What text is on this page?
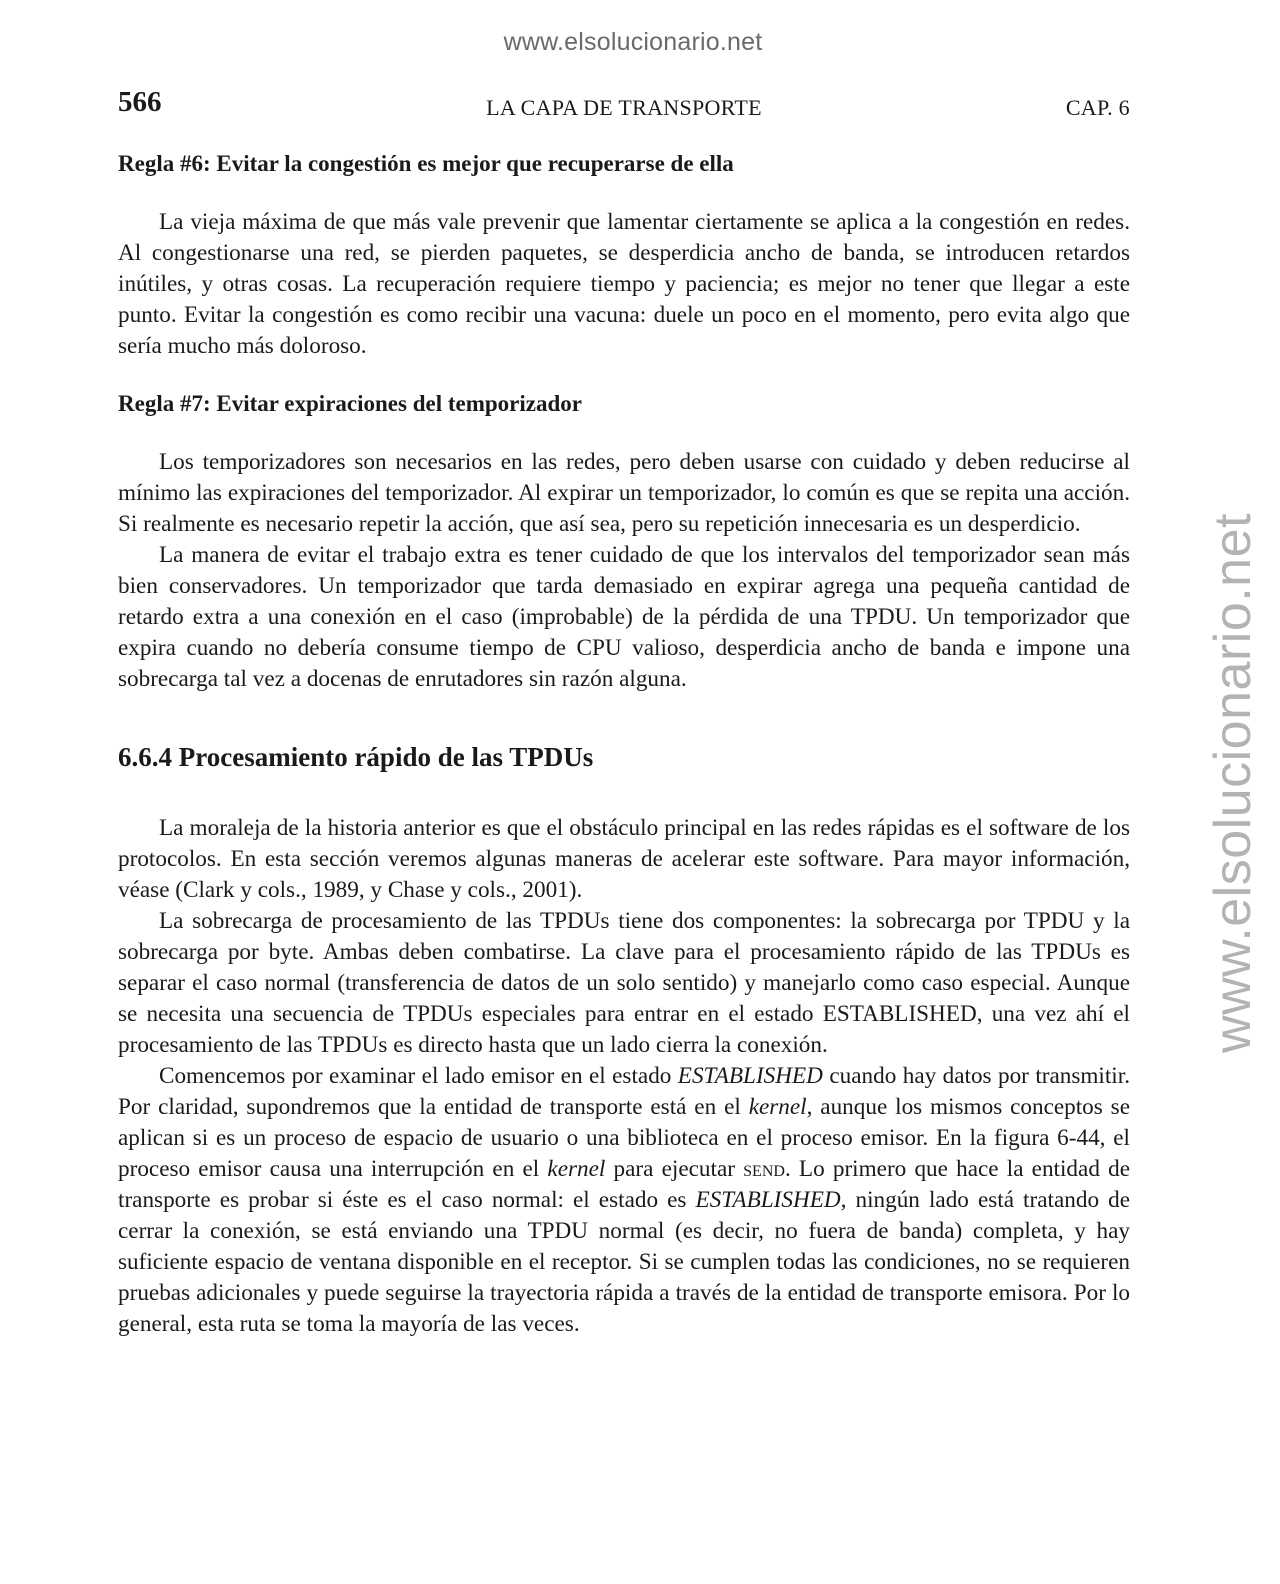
www.elsolucionario.net
www.elsolucionario.net
566	LA CAPA DE TRANSPORTE	CAP. 6
Regla #6: Evitar la congestión es mejor que recuperarse de ella

La vieja máxima de que más vale prevenir que lamentar ciertamente se aplica a la congestión en redes. Al congestionarse una red, se pierden paquetes, se desperdicia ancho de banda, se introducen retardos inútiles, y otras cosas. La recuperación requiere tiempo y paciencia; es mejor no tener que llegar a este punto. Evitar la congestión es como recibir una vacuna: duele un poco en el momento, pero evita algo que sería mucho más doloroso.

Regla #7: Evitar expiraciones del temporizador

Los temporizadores son necesarios en las redes, pero deben usarse con cuidado y deben reducirse al mínimo las expiraciones del temporizador. Al expirar un temporizador, lo común es que se repita una acción. Si realmente es necesario repetir la acción, que así sea, pero su repetición innecesaria es un desperdicio.

La manera de evitar el trabajo extra es tener cuidado de que los intervalos del temporizador sean más bien conservadores. Un temporizador que tarda demasiado en expirar agrega una pequeña cantidad de retardo extra a una conexión en el caso (improbable) de la pérdida de una TPDU. Un temporizador que expira cuando no debería consume tiempo de CPU valioso, desperdicia ancho de banda e impone una sobrecarga tal vez a docenas de enrutadores sin razón alguna.

6.6.4 Procesamiento rápido de las TPDUs

La moraleja de la historia anterior es que el obstáculo principal en las redes rápidas es el software de los protocolos. En esta sección veremos algunas maneras de acelerar este software. Para mayor información, véase (Clark y cols., 1989, y Chase y cols., 2001).

La sobrecarga de procesamiento de las TPDUs tiene dos componentes: la sobrecarga por TPDU y la sobrecarga por byte. Ambas deben combatirse. La clave para el procesamiento rápido de las TPDUs es separar el caso normal (transferencia de datos de un solo sentido) y manejarlo como caso especial. Aunque se necesita una secuencia de TPDUs especiales para entrar en el estado ESTABLISHED, una vez ahí el procesamiento de las TPDUs es directo hasta que un lado cierra la conexión.

Comencemos por examinar el lado emisor en el estado ESTABLISHED cuando hay datos por transmitir. Por claridad, supondremos que la entidad de transporte está en el kernel, aunque los mismos conceptos se aplican si es un proceso de espacio de usuario o una biblioteca en el proceso emisor. En la figura 6-44, el proceso emisor causa una interrupción en el kernel para ejecutar send. Lo primero que hace la entidad de transporte es probar si éste es el caso normal: el estado es ESTABLISHED, ningún lado está tratando de cerrar la conexión, se está enviando una TPDU normal (es decir, no fuera de banda) completa, y hay suficiente espacio de ventana disponible en el receptor. Si se cumplen todas las condiciones, no se requieren pruebas adicionales y puede seguirse la trayectoria rápida a través de la entidad de transporte emisora. Por lo general, esta ruta se toma la mayoría de las veces.
